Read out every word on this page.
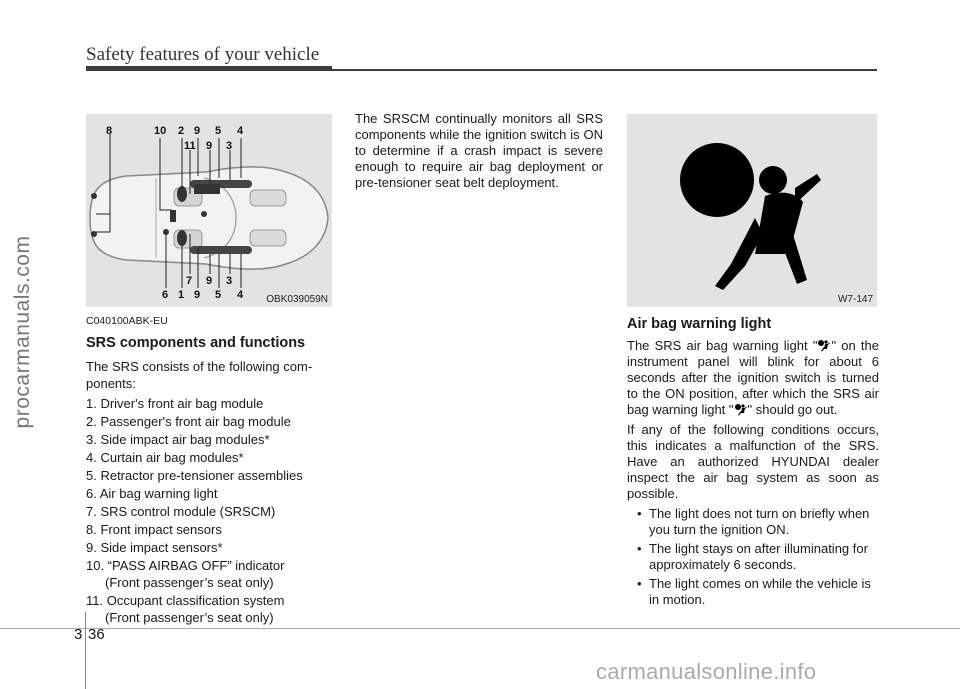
Safety features of your vehicle
procarmanuals.com
8	10 2 9 5 4
11 9 3
7 9 3
6 1 9 5 4 OBK039059N
C040100ABK-EU
SRS components and functions

The SRS consists of the following com-ponents:

1. Driver's front air bag module
2. Passenger's front air bag module
3. Side impact air bag modules*
4. Curtain air bag modules*
5. Retractor pre-tensioner assemblies
6. Air bag warning light
7. SRS control module (SRSCM)
8. Front impact sensors
9. Side impact sensors*
10. “PASS AIRBAG OFF” indicator
(Front passenger’s seat only)
11. Occupant classification system
(Front passenger’s seat only)
The SRSCM continually monitors all SRS components while the ignition switch is ON to determine if a crash impact is severe enough to require air bag deployment or pre-tensioner seat belt deployment.
W7-147
Air bag warning light

The SRS air bag warning light " " on the instrument panel will blink for about 6 seconds after the ignition switch is turned to the ON position, after which the SRS air bag warning light " " should go out.

If any of the following conditions occurs, this indicates a malfunction of the SRS. Have an authorized HYUNDAI dealer inspect the air bag system as soon as possible.

• The light does not turn on briefly when you turn the ignition ON.
• The light stays on after illuminating for approximately 6 seconds.
• The light comes on while the vehicle is in motion.
3 36
carmanualsonline.info
